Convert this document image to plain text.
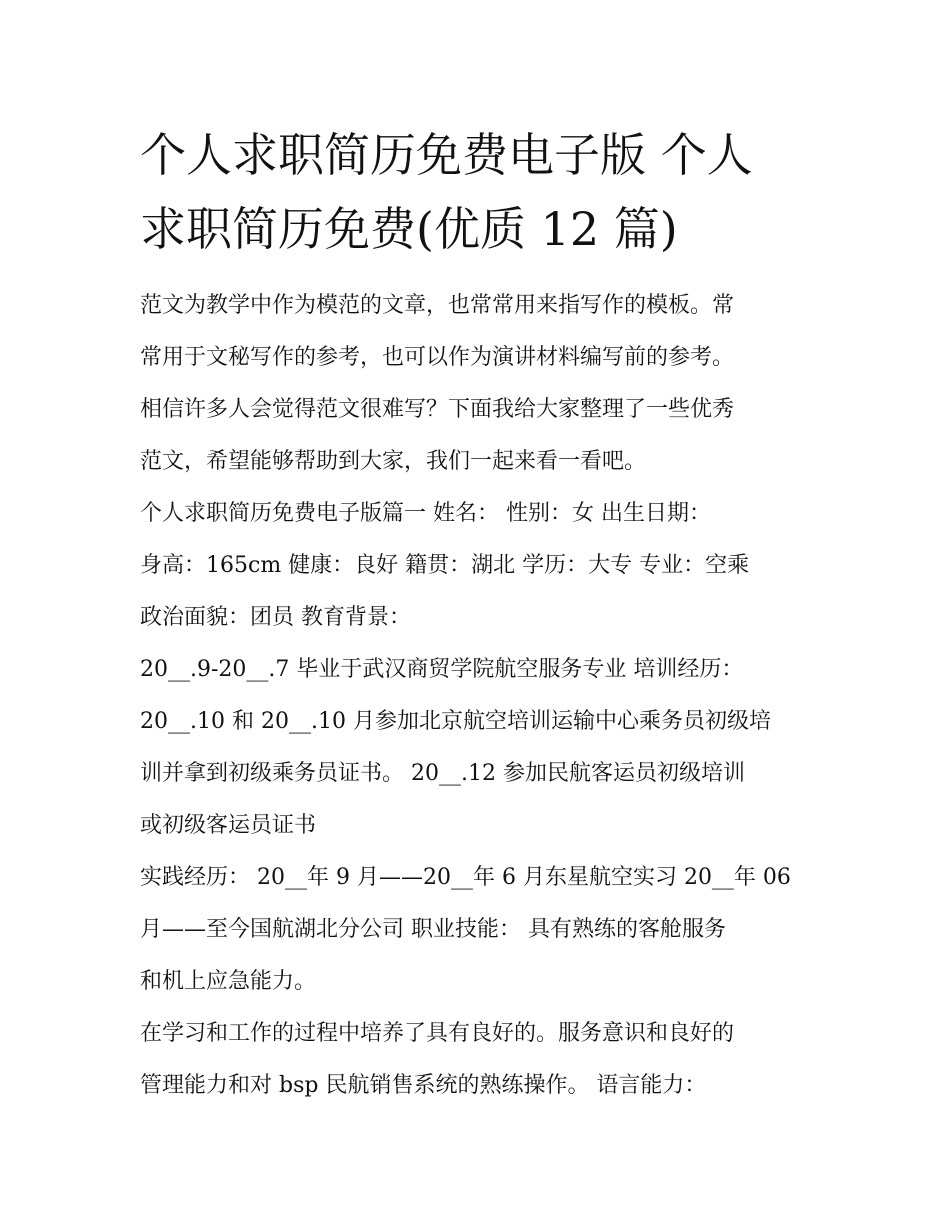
个人求职简历免费电子版 个人
求职简历免费(优质 12 篇)

范文为教学中作为模范的文章，也常常用来指写作的模板。常
常用于文秘写作的参考，也可以作为演讲材料编写前的参考。
相信许多人会觉得范文很难写？下面我给大家整理了一些优秀
范文，希望能够帮助到大家，我们一起来看一看吧。

个人求职简历免费电子版篇一 姓名： 性别：女 出生日期：
身高：165cm 健康：良好 籍贯：湖北 学历：大专 专业：空乘
政治面貌：团员 教育背景：

20__.9-20__.7 毕业于武汉商贸学院航空服务专业 培训经历：
20__.10 和 20__.10 月参加北京航空培训运输中心乘务员初级培
训并拿到初级乘务员证书。 20__.12 参加民航客运员初级培训
或初级客运员证书

实践经历： 20__年 9 月——20__年 6 月东星航空实习 20__年 06
月——至今国航湖北分公司 职业技能： 具有熟练的客舱服务
和机上应急能力。

在学习和工作的过程中培养了具有良好的。服务意识和良好的
管理能力和对 bsp 民航销售系统的熟练操作。 语言能力：
